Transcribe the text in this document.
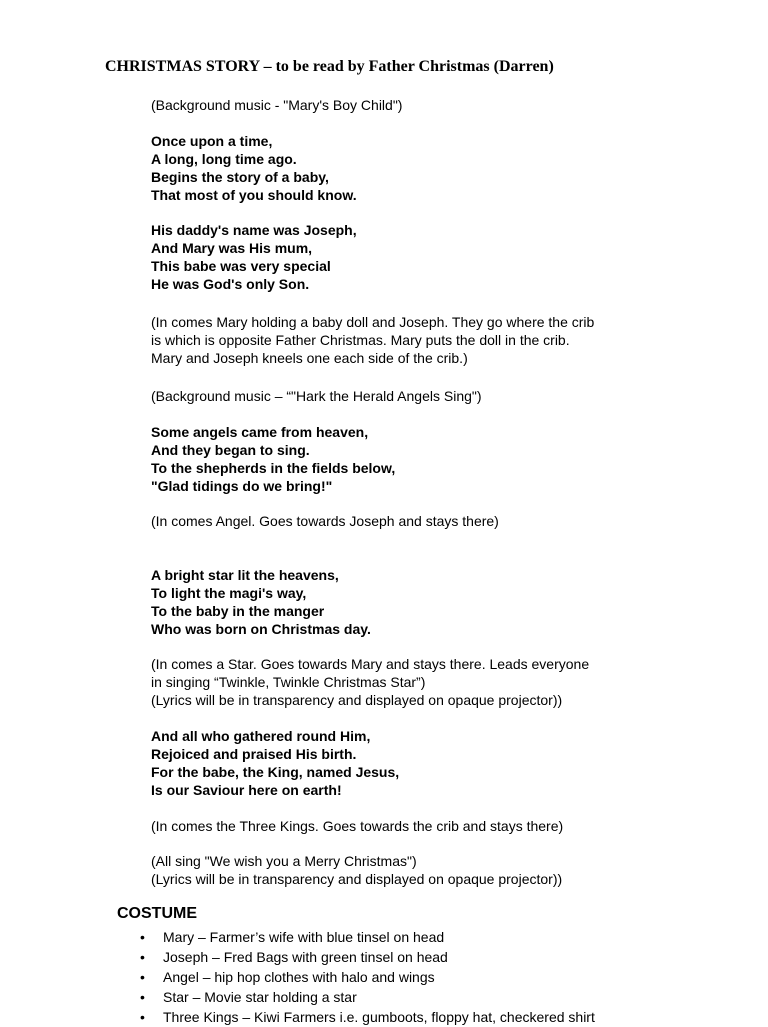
CHRISTMAS STORY – to be read by Father Christmas (Darren)
(Background music - "Mary's Boy Child")
Once upon a time,
A long, long time ago.
Begins the story of a baby,
That most of you should know.
His daddy's name was Joseph,
And Mary was His mum,
This babe was very special
He was God's only Son.
(In comes Mary holding a baby doll and Joseph. They go where the crib
is which is opposite Father Christmas. Mary puts the doll in the crib.
Mary and Joseph kneels one each side of the crib.)
(Background music – “"Hark the Herald Angels Sing")
Some angels came from heaven,
And they began to sing.
To the shepherds in the fields below,
"Glad tidings do we bring!"
(In comes Angel. Goes towards Joseph and stays there)
A bright star lit the heavens,
To light the magi's way,
To the baby in the manger
Who was born on Christmas day.
(In comes a Star. Goes towards Mary and stays there. Leads everyone
in singing “Twinkle, Twinkle Christmas Star”)
(Lyrics will be in transparency and displayed on opaque projector))
And all who gathered round Him,
Rejoiced and praised His birth.
For the babe, the King, named Jesus,
Is our Saviour here on earth!
(In comes the Three Kings. Goes towards the crib and stays there)
(All sing "We wish you a Merry Christmas")
(Lyrics will be in transparency and displayed on opaque projector))
COSTUME
• Mary – Farmer’s wife with blue tinsel on head
• Joseph – Fred Bags with green tinsel on head
• Angel – hip hop clothes with halo and wings
• Star – Movie star holding a star
• Three Kings – Kiwi Farmers i.e. gumboots, floppy hat, checkered shirt
